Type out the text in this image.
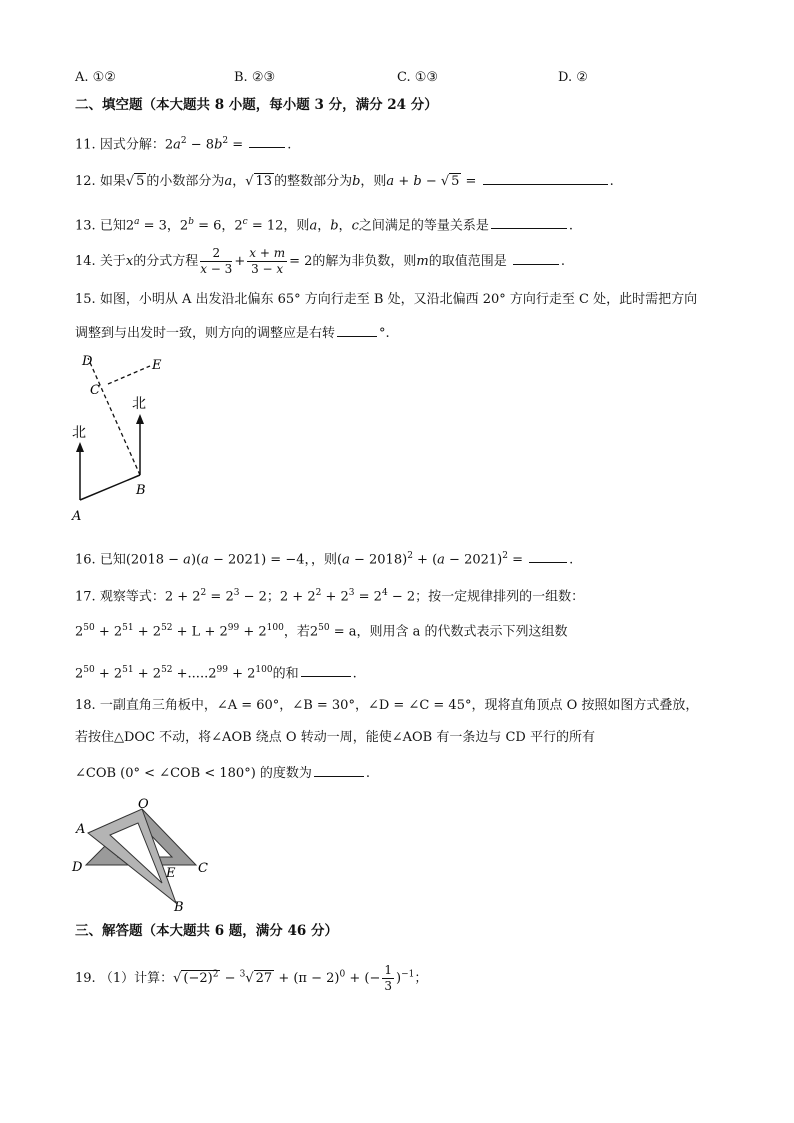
A. ①②	B. ②③	C. ①③	D. ②
二、填空题（本大题共 8 小题，每小题 3 分，满分 24 分）
11. 因式分解：$2a^2 - 8b^2$ =	.
12. 如果√ 5 的小数部分为a，√ 13 的整数部分为b，则a + b − √ 5 =	.
13. 已知$2^a = 3$，$2^b = 6$，$2^c = 12$，则a，b，c之间满足的等量关系是	.
14. 关于x的分式方程 $\frac{2}{x - 3} + \frac{x + m}{3 - x} = 2$的解为非负数，则m的取值范围是	.
15. 如图，小明从 A 出发沿北偏东 65° 方向行走至 B 处，又沿北偏西 20° 方向行走至 C 处，此时需把方向
调整到与出发时一致，则方向的调整应是右转	°.
D	E
C
B
A
北
北
16. 已知(2018 − a)(a − 2021) = −4，，则$(a - 2018)^2 + (a - 2021)^2$ =	.
17. 观察等式：$2 + 2^2 = 2^3 - 2$；$2 + 2^2 + 2^3 = 2^4 - 2$；按一定规律排列的一组数：
$2^{50} + 2^{51} + 2^{52} + L + 2^{99} + 2^{100}$，若$2^{50} = a$，则用含 a 的代数式表示下列这组数
$2^{50} + 2^{51} + 2^{52} +.....2^{99} + 2^{100}$的和	.
18. 一副直角三角板中，∠A = 60°，∠B = 30°，∠D = ∠C = 45°，现将直角顶点 O 按照如图方式叠放，
若按住△DOC 不动，将∠AOB 绕点 O 转动一周，能使∠AOB 有一条边与 CD 平行的所有
∠COB (0° < ∠COB < 180°) 的度数为	.
O
A
D	E C
B
三、解答题（本大题共 6 题，满分 46 分）
19. （1）计算：√ $(-2)^2 - ^3√$ $27 + (\pi - 2)^0$ + (− $\frac{1}{3} )^{-1}$；
